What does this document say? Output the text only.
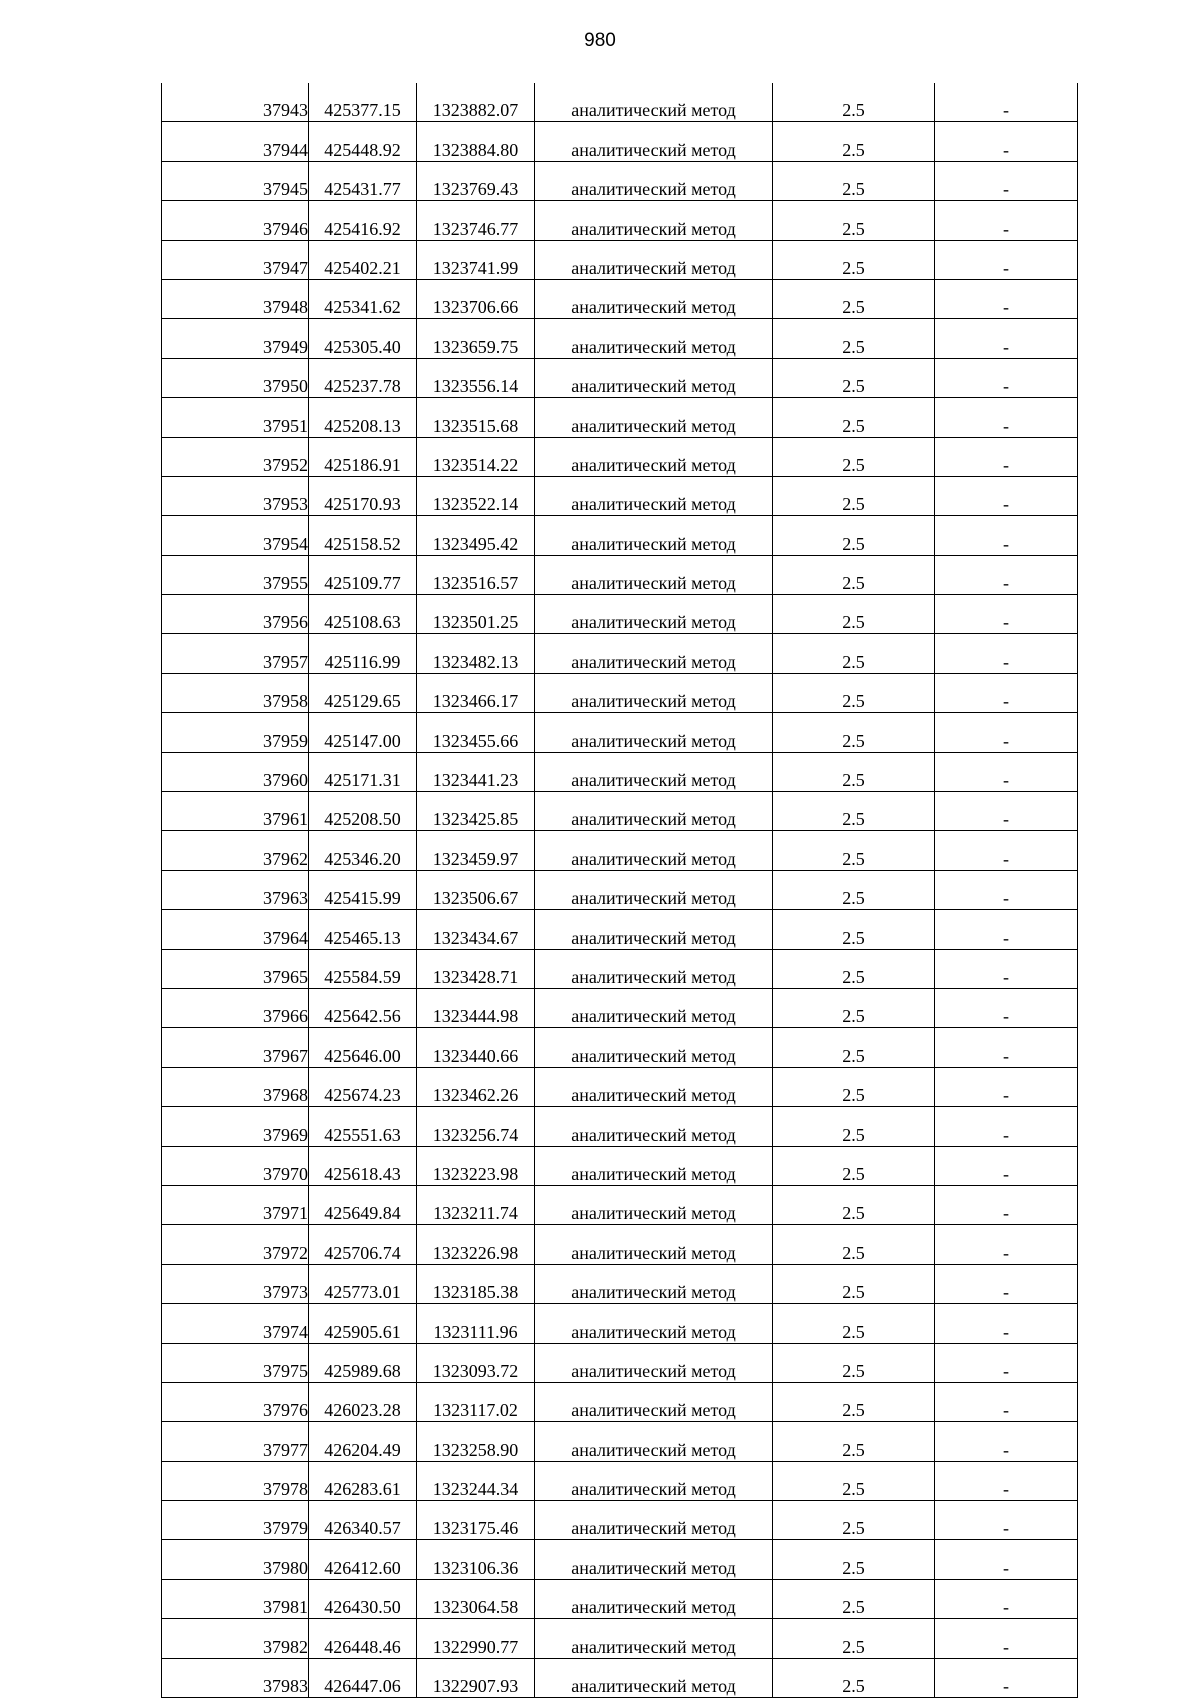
980
37943	425377.15	1323882.07	аналитический метод	2.5	-
37944	425448.92	1323884.80	аналитический метод	2.5	-
37945	425431.77	1323769.43	аналитический метод	2.5	-
37946	425416.92	1323746.77	аналитический метод	2.5	-
37947	425402.21	1323741.99	аналитический метод	2.5	-
37948	425341.62	1323706.66	аналитический метод	2.5	-
37949	425305.40	1323659.75	аналитический метод	2.5	-
37950	425237.78	1323556.14	аналитический метод	2.5	-
37951	425208.13	1323515.68	аналитический метод	2.5	-
37952	425186.91	1323514.22	аналитический метод	2.5	-
37953	425170.93	1323522.14	аналитический метод	2.5	-
37954	425158.52	1323495.42	аналитический метод	2.5	-
37955	425109.77	1323516.57	аналитический метод	2.5	-
37956	425108.63	1323501.25	аналитический метод	2.5	-
37957	425116.99	1323482.13	аналитический метод	2.5	-
37958	425129.65	1323466.17	аналитический метод	2.5	-
37959	425147.00	1323455.66	аналитический метод	2.5	-
37960	425171.31	1323441.23	аналитический метод	2.5	-
37961	425208.50	1323425.85	аналитический метод	2.5	-
37962	425346.20	1323459.97	аналитический метод	2.5	-
37963	425415.99	1323506.67	аналитический метод	2.5	-
37964	425465.13	1323434.67	аналитический метод	2.5	-
37965	425584.59	1323428.71	аналитический метод	2.5	-
37966	425642.56	1323444.98	аналитический метод	2.5	-
37967	425646.00	1323440.66	аналитический метод	2.5	-
37968	425674.23	1323462.26	аналитический метод	2.5	-
37969	425551.63	1323256.74	аналитический метод	2.5	-
37970	425618.43	1323223.98	аналитический метод	2.5	-
37971	425649.84	1323211.74	аналитический метод	2.5	-
37972	425706.74	1323226.98	аналитический метод	2.5	-
37973	425773.01	1323185.38	аналитический метод	2.5	-
37974	425905.61	1323111.96	аналитический метод	2.5	-
37975	425989.68	1323093.72	аналитический метод	2.5	-
37976	426023.28	1323117.02	аналитический метод	2.5	-
37977	426204.49	1323258.90	аналитический метод	2.5	-
37978	426283.61	1323244.34	аналитический метод	2.5	-
37979	426340.57	1323175.46	аналитический метод	2.5	-
37980	426412.60	1323106.36	аналитический метод	2.5	-
37981	426430.50	1323064.58	аналитический метод	2.5	-
37982	426448.46	1322990.77	аналитический метод	2.5	-
37983	426447.06	1322907.93	аналитический метод	2.5	-
